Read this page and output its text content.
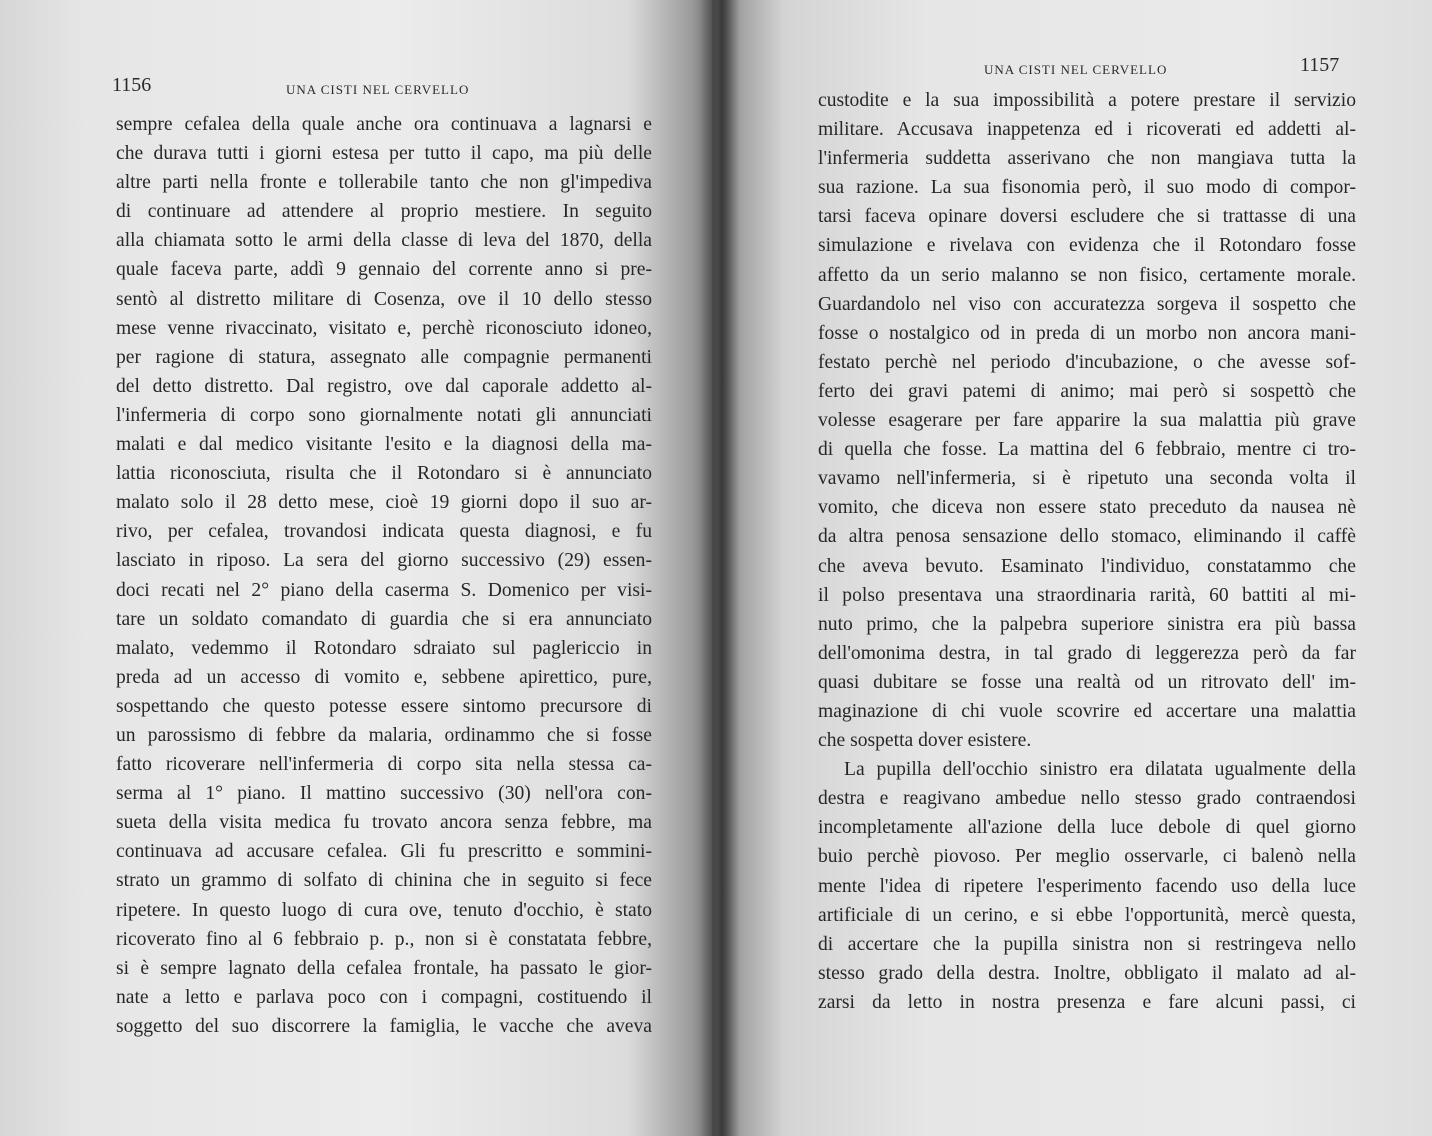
1156	UNA CISTI NEL CERVELLO
sempre cefalea della quale anche ora continuava a lagnarsi e
che durava tutti i giorni estesa per tutto il capo, ma più delle
altre parti nella fronte e tollerabile tanto che non gl'impediva
di continuare ad attendere al proprio mestiere. In seguito
alla chiamata sotto le armi della classe di leva del 1870, della
quale faceva parte, addì 9 gennaio del corrente anno si pre-
sentò al distretto militare di Cosenza, ove il 10 dello stesso
mese venne rivaccinato, visitato e, perchè riconosciuto idoneo,
per ragione di statura, assegnato alle compagnie permanenti
del detto distretto. Dal registro, ove dal caporale addetto al-
l'infermeria di corpo sono giornalmente notati gli annunciati
malati e dal medico visitante l'esito e la diagnosi della ma-
lattia riconosciuta, risulta che il Rotondaro si è annunciato
malato solo il 28 detto mese, cioè 19 giorni dopo il suo ar-
rivo, per cefalea, trovandosi indicata questa diagnosi, e fu
lasciato in riposo. La sera del giorno successivo (29) essen-
doci recati nel 2° piano della caserma S. Domenico per visi-
tare un soldato comandato di guardia che si era annunciato
malato, vedemmo il Rotondaro sdraiato sul paglericcio in
preda ad un accesso di vomito e, sebbene apirettico, pure,
sospettando che questo potesse essere sintomo precursore di
un parossismo di febbre da malaria, ordinammo che si fosse
fatto ricoverare nell'infermeria di corpo sita nella stessa ca-
serma al 1° piano. Il mattino successivo (30) nell'ora con-
sueta della visita medica fu trovato ancora senza febbre, ma
continuava ad accusare cefalea. Gli fu prescritto e sommini-
strato un grammo di solfato di chinina che in seguito si fece
ripetere. In questo luogo di cura ove, tenuto d'occhio, è stato
ricoverato fino al 6 febbraio p. p., non si è constatata febbre,
si è sempre lagnato della cefalea frontale, ha passato le gior-
nate a letto e parlava poco con i compagni, costituendo il
soggetto del suo discorrere la famiglia, le vacche che aveva
UNA CISTI NEL CERVELLO	1157
custodite e la sua impossibilità a potere prestare il servizio
militare. Accusava inappetenza ed i ricoverati ed addetti al-
l'infermeria suddetta asserivano che non mangiava tutta la
sua razione. La sua fisonomia però, il suo modo di compor-
tarsi faceva opinare doversi escludere che si trattasse di una
simulazione e rivelava con evidenza che il Rotondaro fosse
affetto da un serio malanno se non fisico, certamente morale.
Guardandolo nel viso con accuratezza sorgeva il sospetto che
fosse o nostalgico od in preda di un morbo non ancora mani-
festato perchè nel periodo d'incubazione, o che avesse sof-
ferto dei gravi patemi di animo; mai però si sospettò che
volesse esagerare per fare apparire la sua malattia più grave
di quella che fosse. La mattina del 6 febbraio, mentre ci tro-
vavamo nell'infermeria, si è ripetuto una seconda volta il
vomito, che diceva non essere stato preceduto da nausea nè
da altra penosa sensazione dello stomaco, eliminando il caffè
che aveva bevuto. Esaminato l'individuo, constatammo che
il polso presentava una straordinaria rarità, 60 battiti al mi-
nuto primo, che la palpebra superiore sinistra era più bassa
dell'omonima destra, in tal grado di leggerezza però da far
quasi dubitare se fosse una realtà od un ritrovato dell' im-
maginazione di chi vuole scovrire ed accertare una malattia
che sospetta dover esistere.
La pupilla dell'occhio sinistro era dilatata ugualmente della
destra e reagivano ambedue nello stesso grado contraendosi
incompletamente all'azione della luce debole di quel giorno
buio perchè piovoso. Per meglio osservarle, ci balenò nella
mente l'idea di ripetere l'esperimento facendo uso della luce
artificiale di un cerino, e si ebbe l'opportunità, mercè questa,
di accertare che la pupilla sinistra non si restringeva nello
stesso grado della destra. Inoltre, obbligato il malato ad al-
zarsi da letto in nostra presenza e fare alcuni passi, ci
